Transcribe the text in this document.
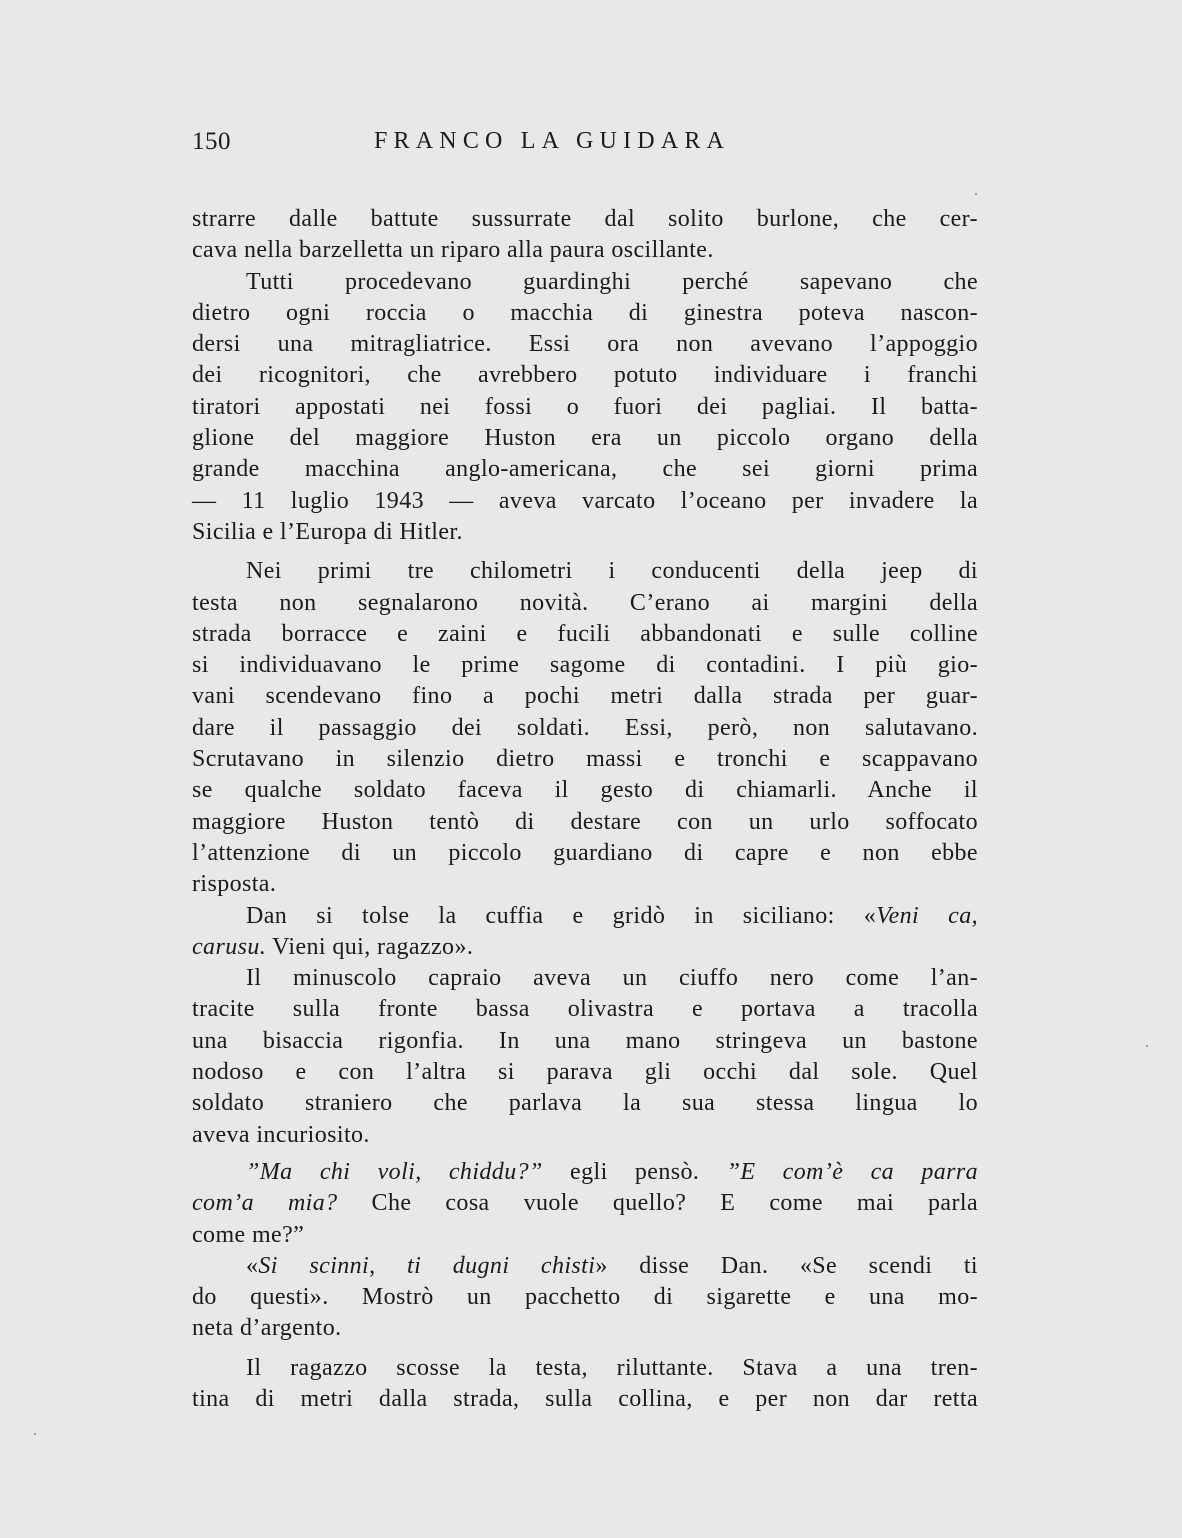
150	FRANCO LA GUIDARA
strarre dalle battute sussurrate dal solito burlone, che cer-
cava nella barzelletta un riparo alla paura oscillante.
Tutti procedevano guardinghi perché sapevano che
dietro ogni roccia o macchia di ginestra poteva nascon-
dersi una mitragliatrice. Essi ora non avevano l’appoggio
dei ricognitori, che avrebbero potuto individuare i franchi
tiratori appostati nei fossi o fuori dei pagliai. Il batta-
glione del maggiore Huston era un piccolo organo della
grande macchina anglo-americana, che sei giorni prima
— 11 luglio 1943 — aveva varcato l’oceano per invadere la
Sicilia e l’Europa di Hitler.
Nei primi tre chilometri i conducenti della jeep di
testa non segnalarono novità. C’erano ai margini della
strada borracce e zaini e fucili abbandonati e sulle colline
si individuavano le prime sagome di contadini. I più gio-
vani scendevano fino a pochi metri dalla strada per guar-
dare il passaggio dei soldati. Essi, però, non salutavano.
Scrutavano in silenzio dietro massi e tronchi e scappavano
se qualche soldato faceva il gesto di chiamarli. Anche il
maggiore Huston tentò di destare con un urlo soffocato
l’attenzione di un piccolo guardiano di capre e non ebbe
risposta.
Dan si tolse la cuffia e gridò in siciliano: «Veni ca,
carusu. Vieni qui, ragazzo».
Il minuscolo capraio aveva un ciuffo nero come l’an-
tracite sulla fronte bassa olivastra e portava a tracolla
una bisaccia rigonfia. In una mano stringeva un bastone
nodoso e con l’altra si parava gli occhi dal sole. Quel
soldato straniero che parlava la sua stessa lingua lo
aveva incuriosito.
”Ma chi voli, chiddu?” egli pensò. ”E com’è ca parra
com’a mia? Che cosa vuole quello? E come mai parla
come me?”
«Si scinni, ti dugni chisti» disse Dan. «Se scendi ti
do questi». Mostrò un pacchetto di sigarette e una mo-
neta d’argento.
Il ragazzo scosse la testa, riluttante. Stava a una tren-
tina di metri dalla strada, sulla collina, e per non dar retta
